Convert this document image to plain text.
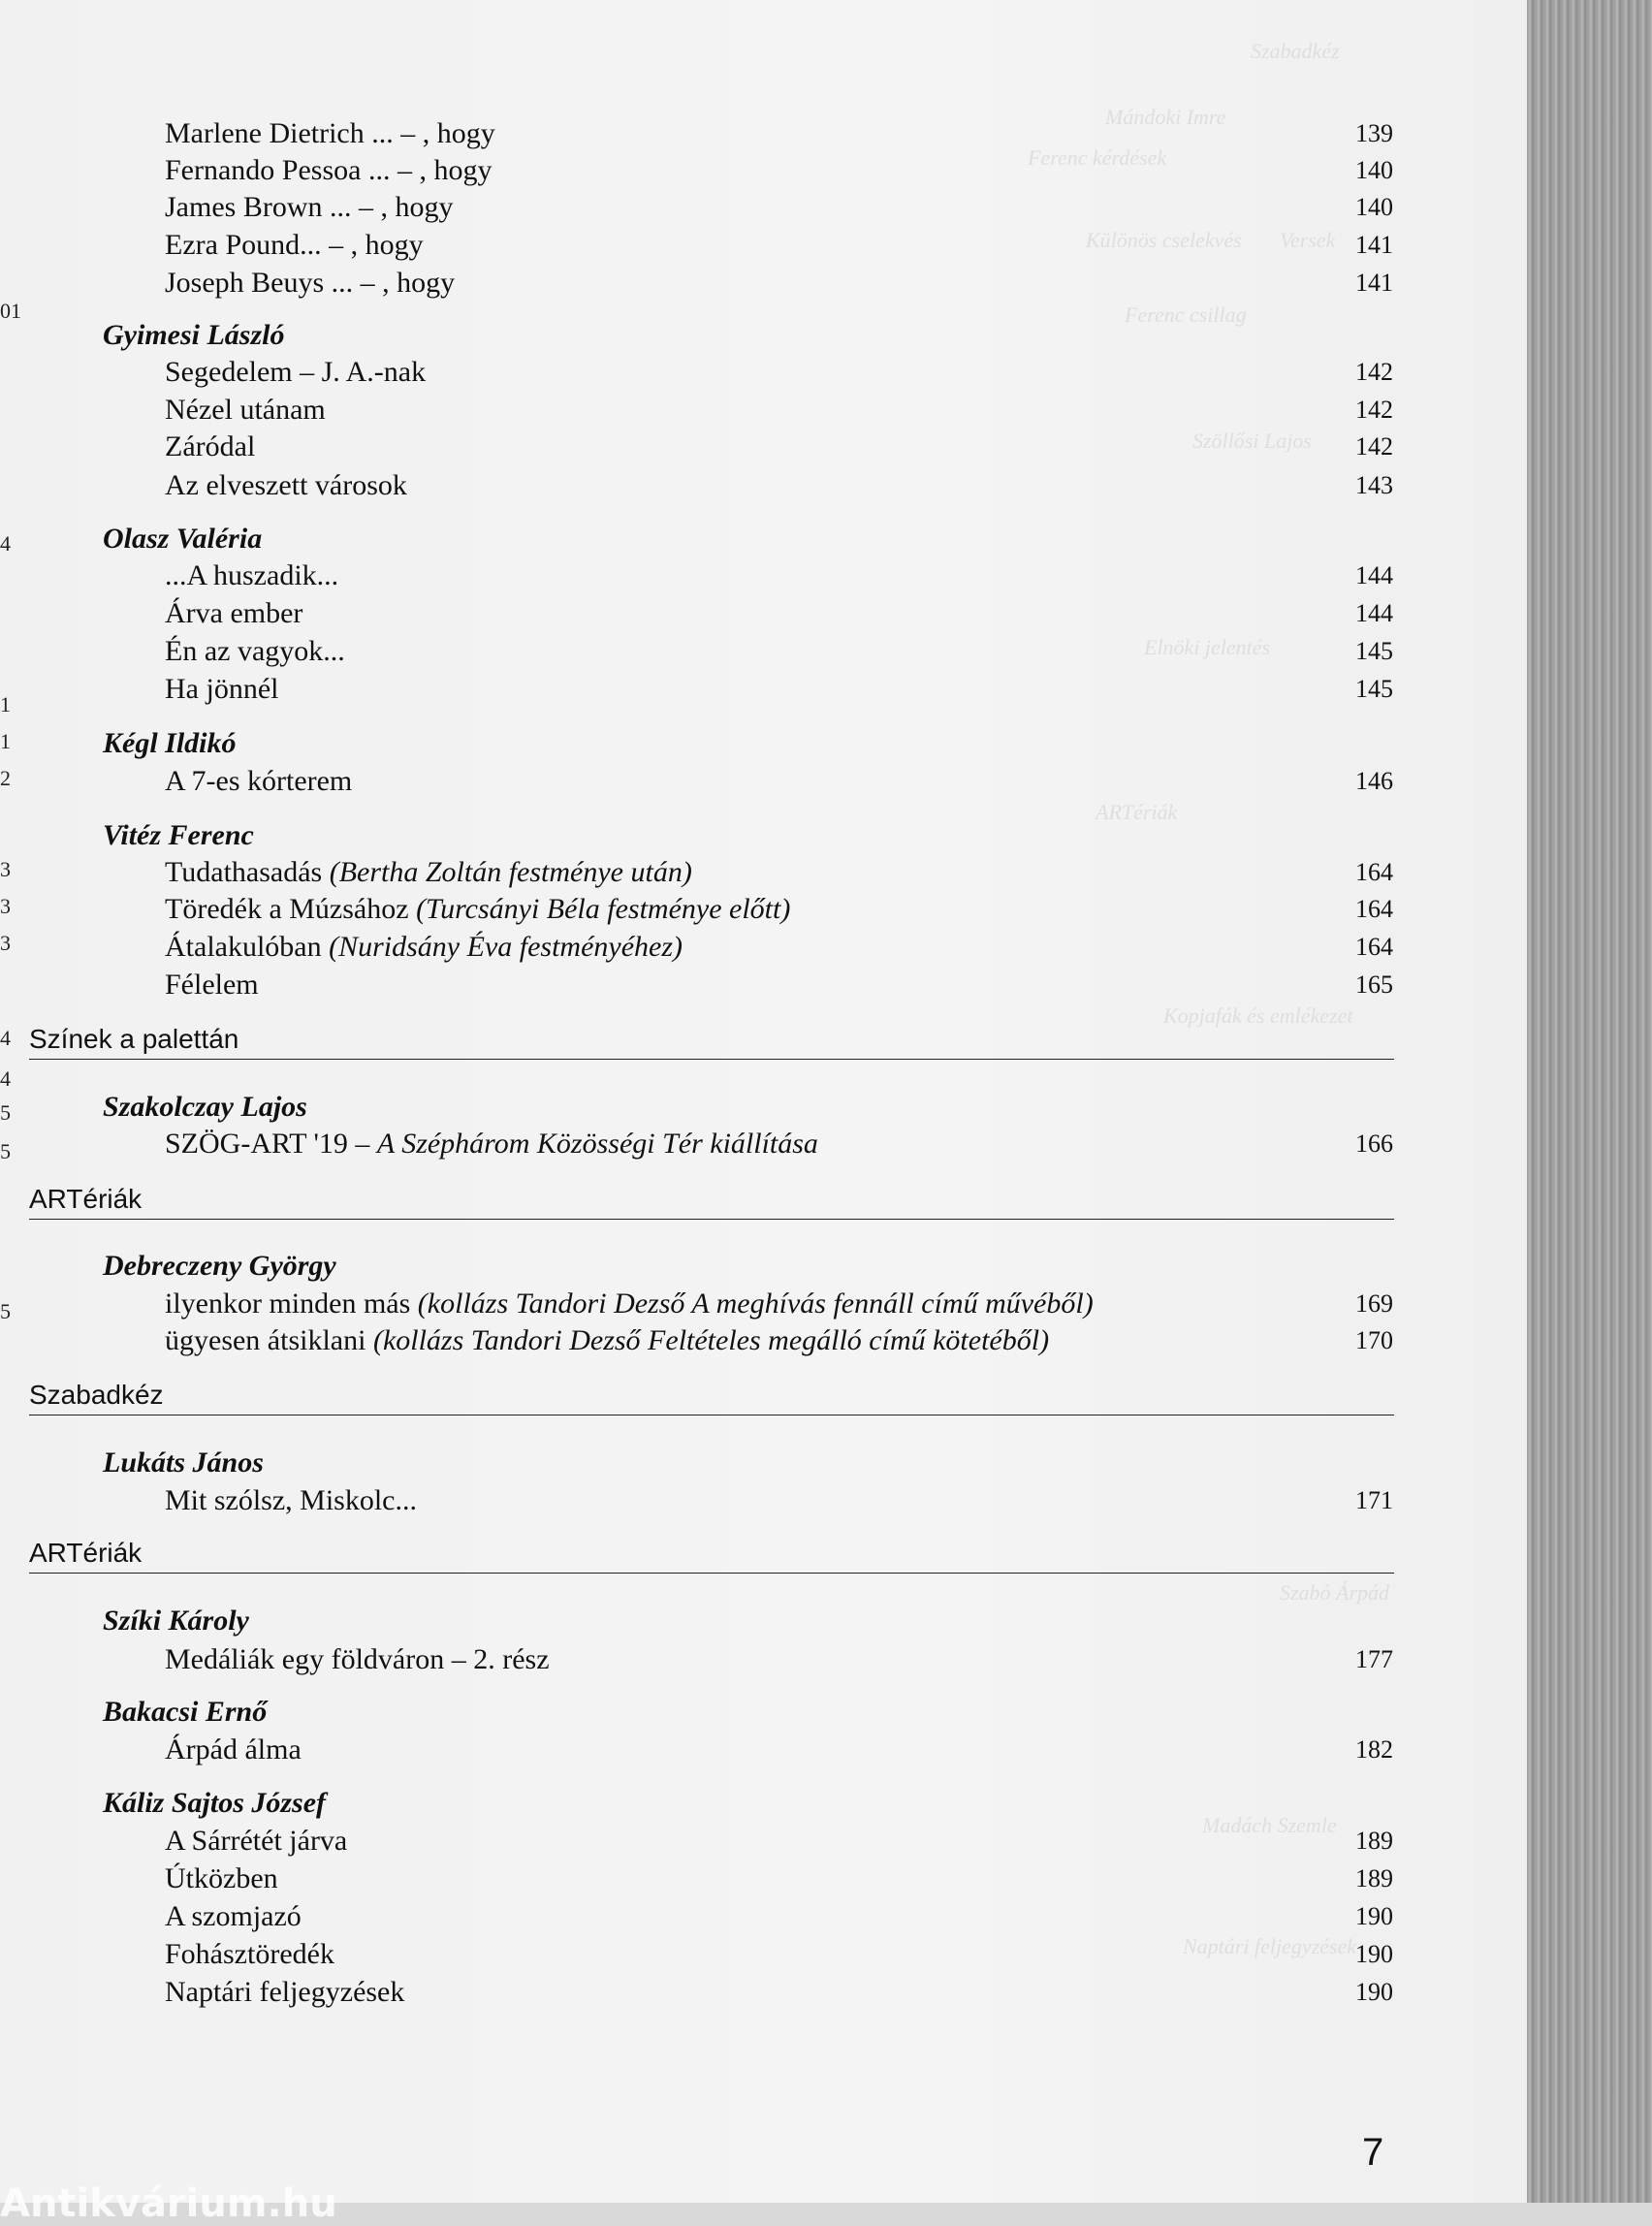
Szabadkéz
Mándoki Imre
Ferenc kérdések
Különös cselekvés Versek
Ferenc csillag
Szöllősi Lajos
Elnöki jelentés
ARTériák
Kopjafák és emlékezet
Szabó Árpád
Naptári feljegyzések
Madách Szemle
01
4
1
1
2
3
3
3
4
4
5
5
5
Marlene Dietrich ... – , hogy	139
Fernando Pessoa ... – , hogy	140
James Brown ... – , hogy	140
Ezra Pound... – , hogy	141
Joseph Beuys ... – , hogy	141
Gyimesi László
Segedelem – J. A.-nak	142
Nézel utánam	142
Záródal	142
Az elveszett városok	143
Olasz Valéria
...A huszadik...	144
Árva ember	144
Én az vagyok...	145
Ha jönnél	145
Kégl Ildikó
A 7-es kórterem	146
Vitéz Ferenc
Tudathasadás (Bertha Zoltán festménye után)	164
Töredék a Múzsához (Turcsányi Béla festménye előtt)	164
Átalakulóban (Nuridsány Éva festményéhez)	164
Félelem	165
Színek a palettán
Szakolczay Lajos
SZÖG-ART '19 – A Széphárom Közösségi Tér kiállítása	166
ARTériák
Debreczeny György
ilyenkor minden más (kollázs Tandori Dezső A meghívás fennáll című művéből)	169
ügyesen átsiklani (kollázs Tandori Dezső Feltételes megálló című kötetéből)	170
Szabadkéz
Lukáts János
Mit szólsz, Miskolc...	171
ARTériák
Szíki Károly
Medáliák egy földváron – 2. rész	177
Bakacsi Ernő
Árpád álma	182
Káliz Sajtos József
A Sárrétét járva	189
Útközben	189
A szomjazó	190
Fohásztöredék	190
Naptári feljegyzések	190
7
Antikvárium.hu
